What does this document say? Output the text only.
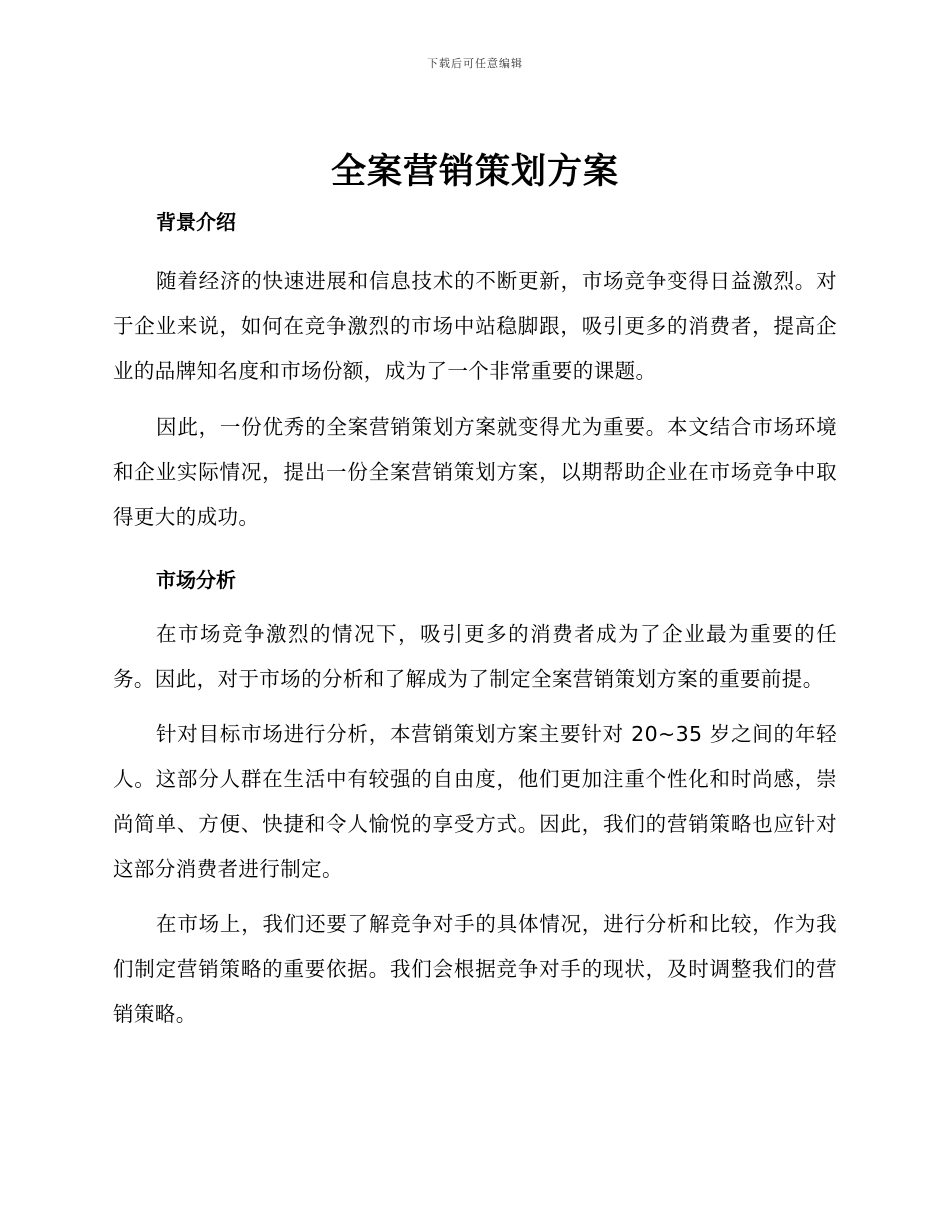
下载后可任意编辑
全案营销策划方案
背景介绍

随着经济的快速进展和信息技术的不断更新，市场竞争变得日益激烈。对于企业来说，如何在竞争激烈的市场中站稳脚跟，吸引更多的消费者，提高企业的品牌知名度和市场份额，成为了一个非常重要的课题。

因此，一份优秀的全案营销策划方案就变得尤为重要。本文结合市场环境和企业实际情况，提出一份全案营销策划方案，以期帮助企业在市场竞争中取得更大的成功。

市场分析

在市场竞争激烈的情况下，吸引更多的消费者成为了企业最为重要的任务。因此，对于市场的分析和了解成为了制定全案营销策划方案的重要前提。

针对目标市场进行分析，本营销策划方案主要针对 20~35 岁之间的年轻人。这部分人群在生活中有较强的自由度，他们更加注重个性化和时尚感，崇尚简单、方便、快捷和令人愉悦的享受方式。因此，我们的营销策略也应针对这部分消费者进行制定。

在市场上，我们还要了解竞争对手的具体情况，进行分析和比较，作为我们制定营销策略的重要依据。我们会根据竞争对手的现状，及时调整我们的营销策略。
